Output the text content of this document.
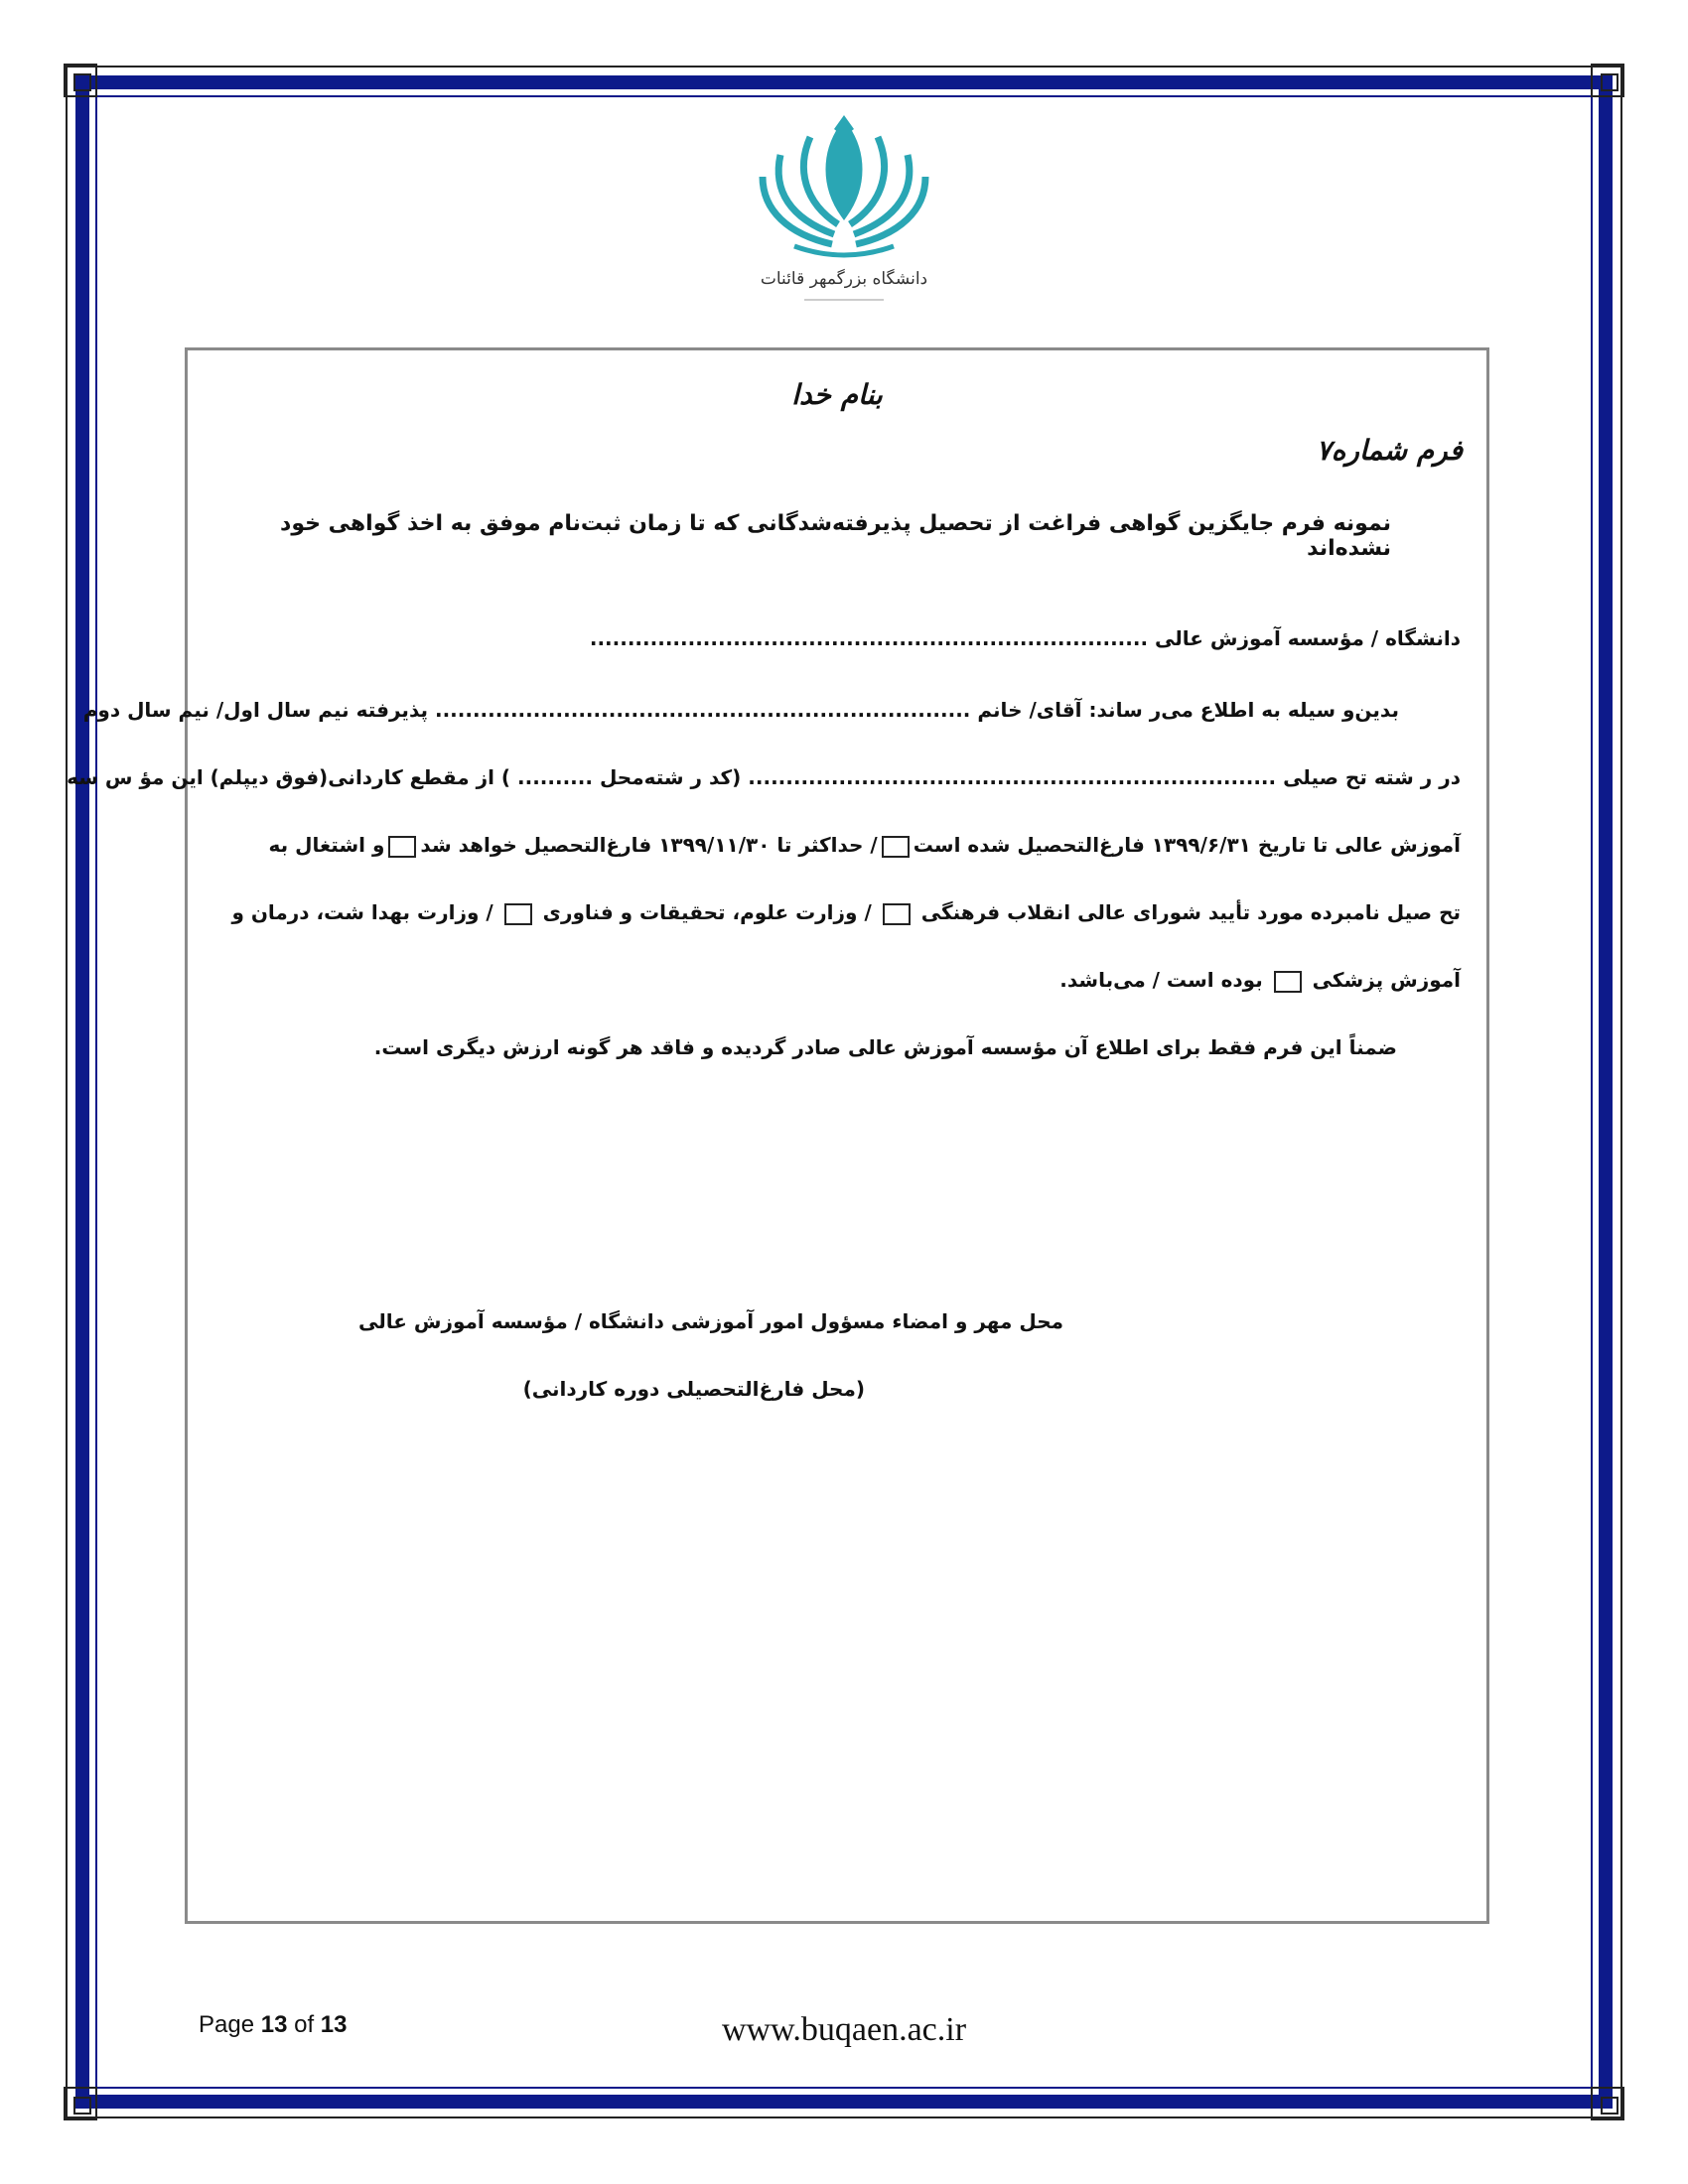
دانشگاه بزرگمهر قائنات
بنام خدا
فرم شماره۷
نمونه فرم جایگزین گواهی فراغت از تحصیل پذیرفته‌شدگانی که تا زمان ثبت‌نام موفق به اخذ گواهی خود نشده‌اند
دانشگاه / مؤسسه آموزش عالی ..........................................................................
بدین‌و سیله به اطلاع می‌ر ساند: آقای/ خانم ....................................................................... پذیرفته نیم سال اول/ نیم سال دوم
در ر شته تح صیلی ...................................................................... (کد ر شته‌محل .......... ) از مقطع کاردانی(فوق دیپلم) این مؤ س سه
آموزش عالی تا تاریخ ۱۳۹۹/۶/۳۱ فارغ‌التحصیل شده است/ حداکثر تا ۱۳۹۹/۱۱/۳۰ فارغ‌التحصیل خواهد شدو اشتغال به
تح صیل نامبرده مورد تأیید شورای عالی انقلاب فرهنگی  / وزارت علوم، تحقیقات و فناوری  / وزارت بهدا شت، درمان و
آموزش پزشکی  بوده است / می‌باشد.
ضمناً این فرم فقط برای اطلاع آن مؤسسه آموزش عالی صادر گردیده و فاقد هر گونه ارزش دیگری است.
محل مهر و امضاء مسؤول امور آموزشی دانشگاه / مؤسسه آموزش عالی
(محل فارغ‌التحصیلی دوره کاردانی)
Page 13 of 13	www.buqaen.ac.ir
